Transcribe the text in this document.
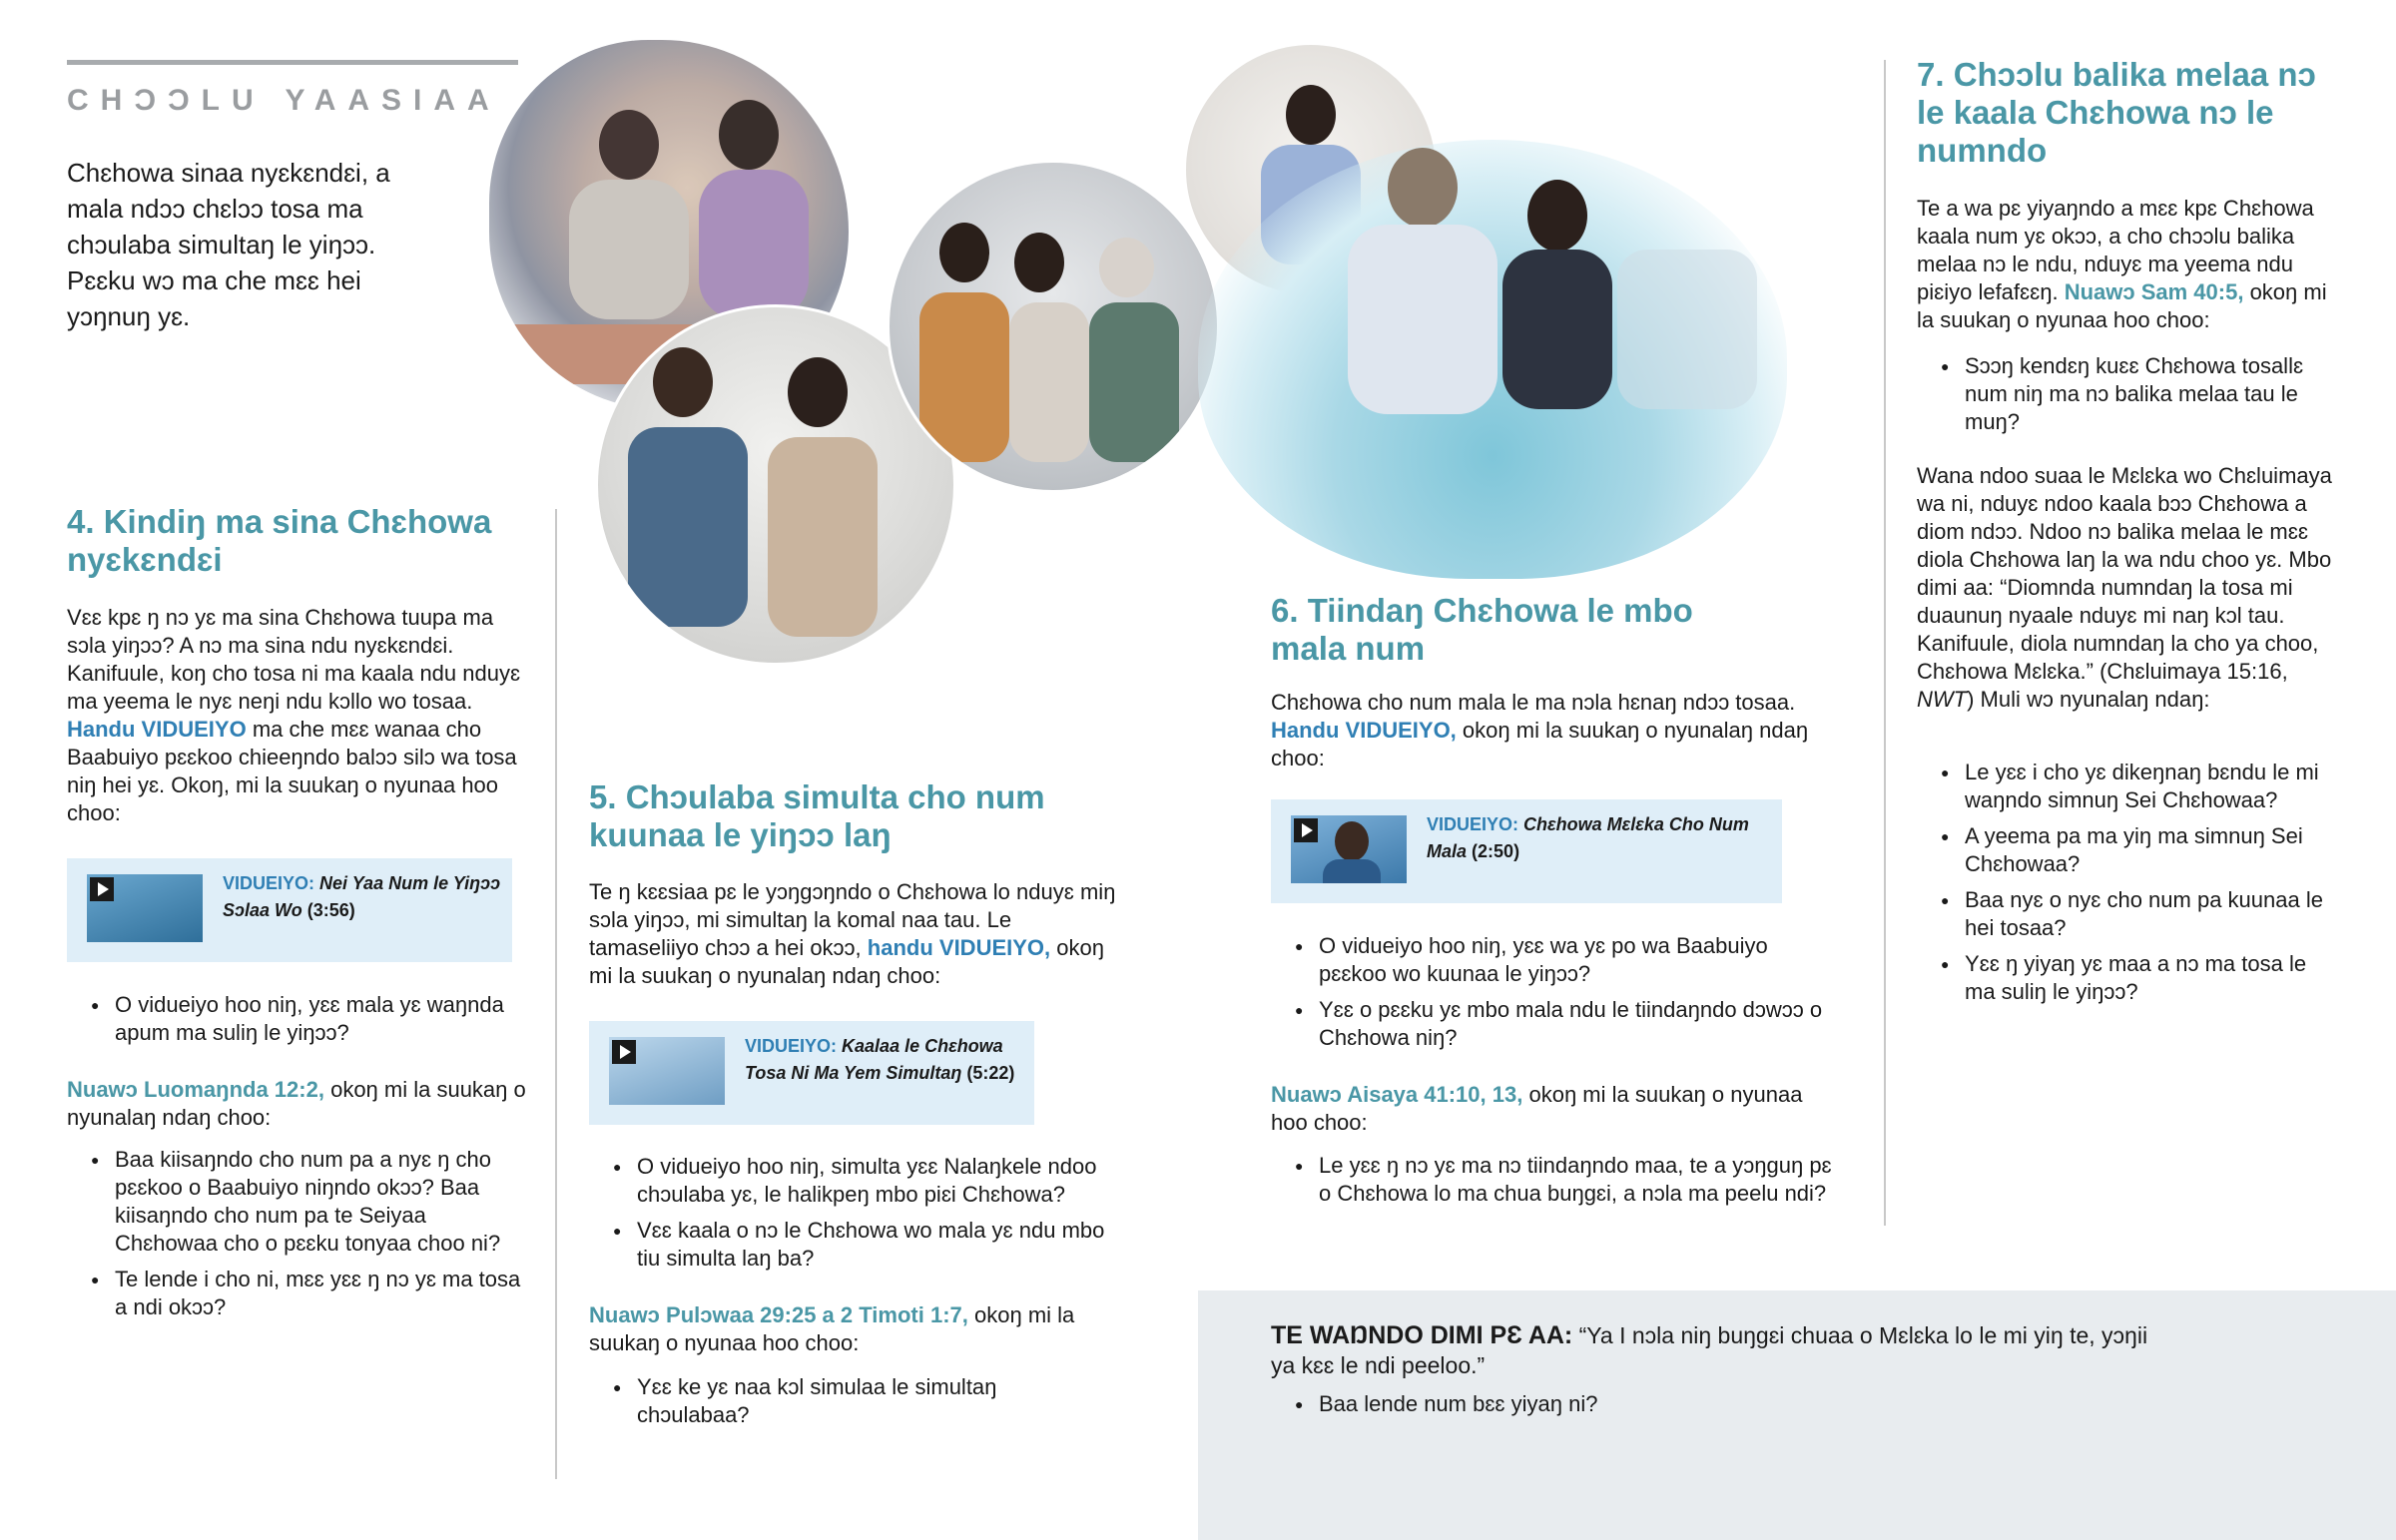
CHƆƆLU YAASIAA
Chɛhowa sinaa nyɛkɛndɛi, a mala ndɔɔ chɛlɔɔ tosa ma chɔulaba simultaŋ le yiŋɔɔ. Pɛɛku wɔ ma che mɛɛ hei yɔŋnuŋ yɛ.
4. Kindiŋ ma sina Chɛhowa nyɛkɛndɛi

Vɛɛ kpɛ ŋ nɔ yɛ ma sina Chɛhowa tuupa ma sɔla yiŋɔɔ? A nɔ ma sina ndu nyɛkɛndɛi. Kanifuule, koŋ cho tosa ni ma kaala ndu nduyɛ ma yeema le nyɛ neŋi ndu kɔllo wo tosaa. Handu VIDUEIYO ma che mɛɛ wanaa cho Baabuiyo pɛɛkoo chieeŋndo balɔɔ silɔ wa tosa niŋ hei yɛ. Okoŋ, mi la suukaŋ o nyunaa hoo choo:

VIDUEIYO: Nei Yaa Num le Yiŋɔɔ Sɔlaa Wo (3:56)
● O vidueiyo hoo niŋ, yɛɛ mala yɛ waŋnda apum ma suliŋ le yiŋɔɔ?

Nuawɔ Luomaŋnda 12:2, okoŋ mi la suukaŋ o nyunalaŋ ndaŋ choo:

● Baa kiisaŋndo cho num pa a nyɛ ŋ cho pɛɛkoo o Baabuiyo niŋndo okɔɔ? Baa kiisaŋndo cho num pa te Seiyaa Chɛhowaa cho o pɛɛku tonyaa choo ni?
● Te lende i cho ni, mɛɛ yɛɛ ŋ nɔ yɛ ma tosa a ndi okɔɔ?
5. Chɔulaba simulta cho num kuunaa le yiŋɔɔ laŋ

Te ŋ kɛɛsiaa pɛ le yɔŋgɔŋndo o Chɛhowa lo nduyɛ miŋ sɔla yiŋɔɔ, mi simultaŋ la komal naa tau. Le tamaseliiyo chɔɔ a hei okɔɔ, handu VIDUEIYO, okoŋ mi la suukaŋ o nyunalaŋ ndaŋ choo:

VIDUEIYO: Kaalaa le Chɛhowa Tosa Ni Ma Yem Simultaŋ (5:22)
● O vidueiyo hoo niŋ, simulta yɛɛ Nalaŋkele ndoo chɔulaba yɛ, le halikpeŋ mbo piɛi Chɛhowa?
● Vɛɛ kaala o nɔ le Chɛhowa wo mala yɛ ndu mbo tiu simulta laŋ ba?

Nuawɔ Pulɔwaa 29:25 a 2 Timoti 1:7, okoŋ mi la suukaŋ o nyunaa hoo choo:

● Yɛɛ ke yɛ naa kɔl simulaa le simultaŋ chɔulabaa?
6. Tiindaŋ Chɛhowa le mbo mala num

Chɛhowa cho num mala le ma nɔla hɛnaŋ ndɔɔ tosaa. Handu VIDUEIYO, okoŋ mi la suukaŋ o nyunalaŋ ndaŋ choo:

VIDUEIYO: Chɛhowa Mɛlɛka Cho Num Mala (2:50)
● O vidueiyo hoo niŋ, yɛɛ wa yɛ po wa Baabuiyo pɛɛkoo wo kuunaa le yiŋɔɔ?
● Yɛɛ o pɛɛku yɛ mbo mala ndu le tiindaŋndo dɔwɔɔ o Chɛhowa niŋ?

Nuawɔ Aisaya 41:10, 13, okoŋ mi la suukaŋ o nyunaa hoo choo:

● Le yɛɛ ŋ nɔ yɛ ma nɔ tiindaŋndo maa, te a yɔŋguŋ pɛ o Chɛhowa lo ma chua buŋgɛi, a nɔla ma peelu ndi?
7. Chɔɔlu balika melaa nɔ le kaala Chɛhowa nɔ le numndo

Te a wa pɛ yiyaŋndo a mɛɛ kpɛ Chɛhowa kaala num yɛ okɔɔ, a cho chɔɔlu balika melaa nɔ le ndu, nduyɛ ma yeema ndu piɛiyo lefafɛɛŋ. Nuawɔ Sam 40:5, okoŋ mi la suukaŋ o nyunaa hoo choo:

● Sɔɔŋ kendɛŋ kuɛɛ Chɛhowa tosallɛ num niŋ ma nɔ balika melaa tau le muŋ?

Wana ndoo suaa le Mɛlɛka wo Chɛluimaya wa ni, nduyɛ ndoo kaala bɔɔ Chɛhowa a diom ndɔɔ. Ndoo nɔ balika melaa le mɛɛ diola Chɛhowa laŋ la wa ndu choo yɛ. Mbo dimi aa: “Diomnda numndaŋ la tosa mi duaunuŋ nyaale nduyɛ mi naŋ kɔl tau. Kanifuule, diola numndaŋ la cho ya choo, Chɛhowa Mɛlɛka.” (Chɛluimaya 15:16, NWT) Muli wɔ nyunalaŋ ndaŋ:

● Le yɛɛ i cho yɛ dikeŋnaŋ bɛndu le mi waŋndo simnuŋ Sei Chɛhowaa?
● A yeema pa ma yiŋ ma simnuŋ Sei Chɛhowaa?
● Baa nyɛ o nyɛ cho num pa kuunaa le hei tosaa?
● Yɛɛ ŋ yiyaŋ yɛ maa a nɔ ma tosa le ma suliŋ le yiŋɔɔ?

TE WAŊNDO DIMI PƐ AA: “Ya I nɔla niŋ buŋgɛi chuaa o Mɛlɛka lo le mi yiŋ te, yɔŋii ya kɛɛ le ndi peeloo.”

● Baa lende num bɛɛ yiyaŋ ni?
